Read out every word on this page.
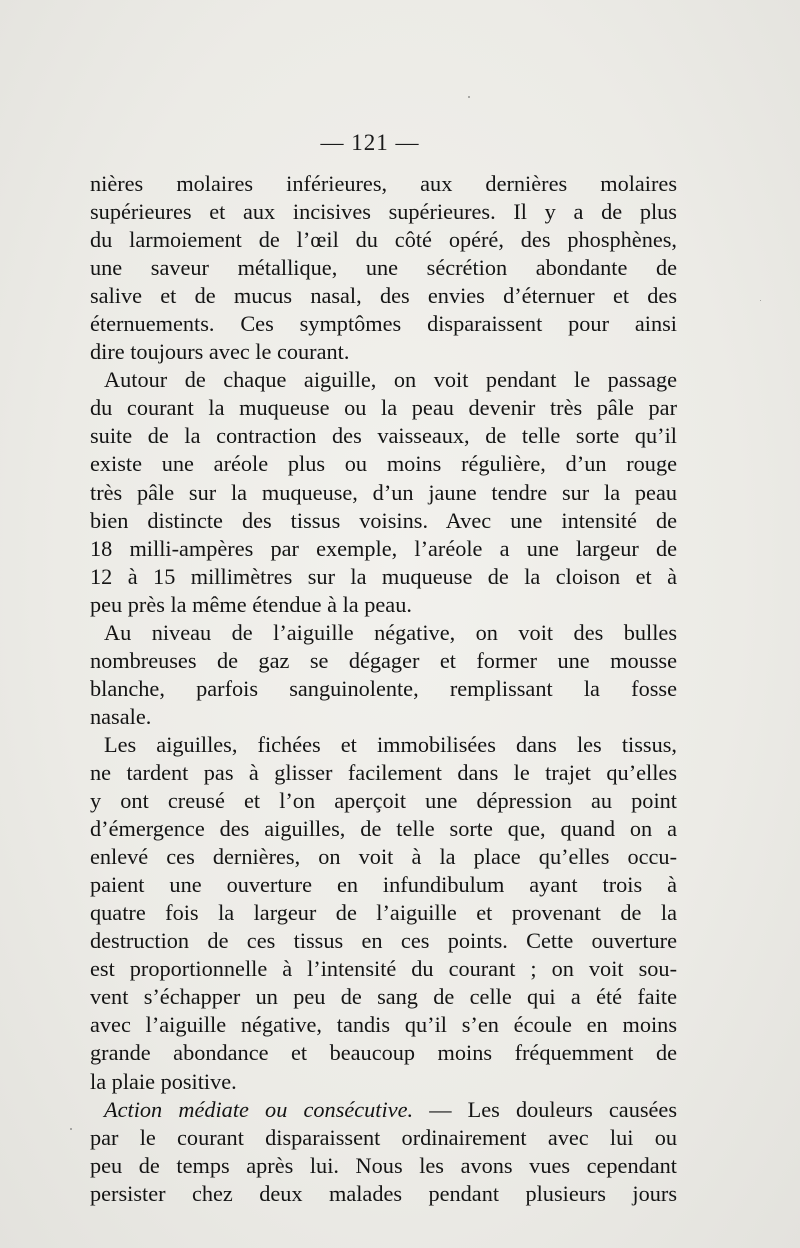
— 121 —
nières molaires inférieures, aux dernières molaires
supérieures et aux incisives supérieures. Il y a de plus
du larmoiement de l’œil du côté opéré, des phosphènes,
une saveur métallique, une sécrétion abondante de
salive et de mucus nasal, des envies d’éternuer et des
éternuements. Ces symptômes disparaissent pour ainsi
dire toujours avec le courant.
Autour de chaque aiguille, on voit pendant le passage
du courant la muqueuse ou la peau devenir très pâle par
suite de la contraction des vaisseaux, de telle sorte qu’il
existe une aréole plus ou moins régulière, d’un rouge
très pâle sur la muqueuse, d’un jaune tendre sur la peau
bien distincte des tissus voisins. Avec une intensité de
18 milli-ampères par exemple, l’aréole a une largeur de
12 à 15 millimètres sur la muqueuse de la cloison et à
peu près la même étendue à la peau.
Au niveau de l’aiguille négative, on voit des bulles
nombreuses de gaz se dégager et former une mousse
blanche, parfois sanguinolente, remplissant la fosse
nasale.
Les aiguilles, fichées et immobilisées dans les tissus,
ne tardent pas à glisser facilement dans le trajet qu’elles
y ont creusé et l’on aperçoit une dépression au point
d’émergence des aiguilles, de telle sorte que, quand on a
enlevé ces dernières, on voit à la place qu’elles occu-
paient une ouverture en infundibulum ayant trois à
quatre fois la largeur de l’aiguille et provenant de la
destruction de ces tissus en ces points. Cette ouverture
est proportionnelle à l’intensité du courant ; on voit sou-
vent s’échapper un peu de sang de celle qui a été faite
avec l’aiguille négative, tandis qu’il s’en écoule en moins
grande abondance et beaucoup moins fréquemment de
la plaie positive.
Action médiate ou consécutive. — Les douleurs causées
par le courant disparaissent ordinairement avec lui ou
peu de temps après lui. Nous les avons vues cependant
persister chez deux malades pendant plusieurs jours
